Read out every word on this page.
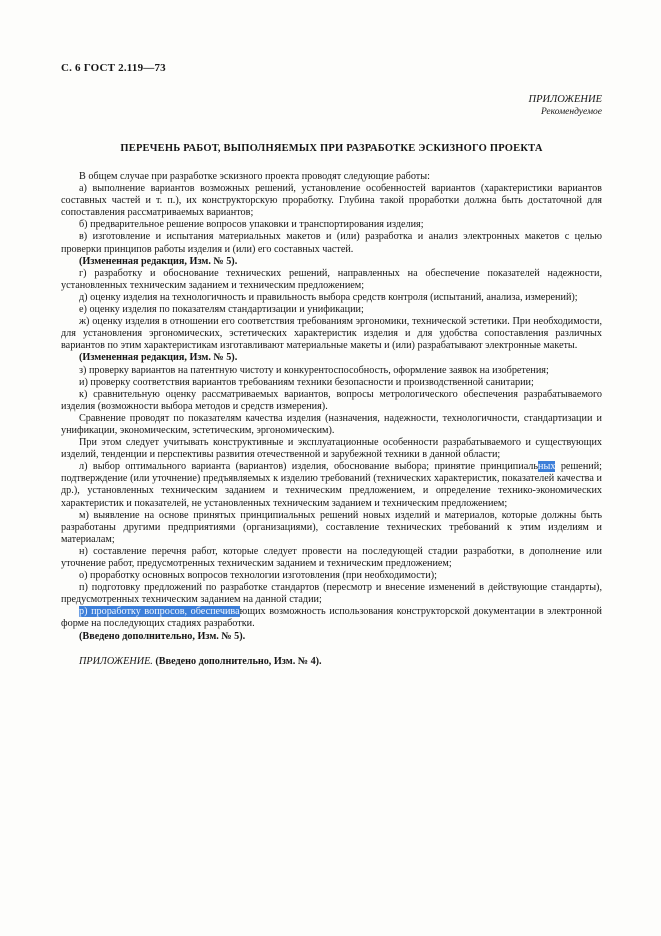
С. 6 ГОСТ 2.119—73
ПРИЛОЖЕНИЕ
Рекомендуемое
ПЕРЕЧЕНЬ РАБОТ, ВЫПОЛНЯЕМЫХ ПРИ РАЗРАБОТКЕ ЭСКИЗНОГО ПРОЕКТА

В общем случае при разработке эскизного проекта проводят следующие работы:

а) выполнение вариантов возможных решений, установление особенностей вариантов (характеристики вариантов составных частей и т. п.), их конструкторскую проработку. Глубина такой проработки должна быть достаточной для сопоставления рассматриваемых вариантов;

б) предварительное решение вопросов упаковки и транспортирования изделия;

в) изготовление и испытания материальных макетов и (или) разработка и анализ электронных макетов с целью проверки принципов работы изделия и (или) его составных частей.

(Измененная редакция, Изм. № 5).

г) разработку и обоснование технических решений, направленных на обеспечение показателей надежности, установленных техническим заданием и техническим предложением;

д) оценку изделия на технологичность и правильность выбора средств контроля (испытаний, анализа, измерений);

е) оценку изделия по показателям стандартизации и унификации;

ж) оценку изделия в отношении его соответствия требованиям эргономики, технической эстетики. При необходимости, для установления эргономических, эстетических характеристик изделия и для удобства сопоставления различных вариантов по этим характеристикам изготавливают материальные макеты и (или) разрабатывают электронные макеты.

(Измененная редакция, Изм. № 5).

з) проверку вариантов на патентную чистоту и конкурентоспособность, оформление заявок на изобретения;

и) проверку соответствия вариантов требованиям техники безопасности и производственной санитарии;

к) сравнительную оценку рассматриваемых вариантов, вопросы метрологического обеспечения разрабатываемого изделия (возможности выбора методов и средств измерения).

Сравнение проводят по показателям качества изделия (назначения, надежности, технологичности, стандартизации и унификации, экономическим, эстетическим, эргономическим).

При этом следует учитывать конструктивные и эксплуатационные особенности разрабатываемого и существующих изделий, тенденции и перспективы развития отечественной и зарубежной техники в данной области;

л) выбор оптимального варианта (вариантов) изделия, обоснование выбора; принятие принципиальных решений; подтверждение (или уточнение) предъявляемых к изделию требований (технических характеристик, показателей качества и др.), установленных техническим заданием и техническим предложением, и определение технико-экономических характеристик и показателей, не установленных техническим заданием и техническим предложением;

м) выявление на основе принятых принципиальных решений новых изделий и материалов, которые должны быть разработаны другими предприятиями (организациями), составление технических требований к этим изделиям и материалам;

н) составление перечня работ, которые следует провести на последующей стадии разработки, в дополнение или уточнение работ, предусмотренных техническим заданием и техническим предложением;

о) проработку основных вопросов технологии изготовления (при необходимости);

п) подготовку предложений по разработке стандартов (пересмотр и внесение изменений в действующие стандарты), предусмотренных техническим заданием на данной стадии;

р) проработку вопросов, обеспечивающих возможность использования конструкторской документации в электронной форме на последующих стадиях разработки.

(Введено дополнительно, Изм. № 5).

ПРИЛОЖЕНИЕ. (Введено дополнительно, Изм. № 4).
